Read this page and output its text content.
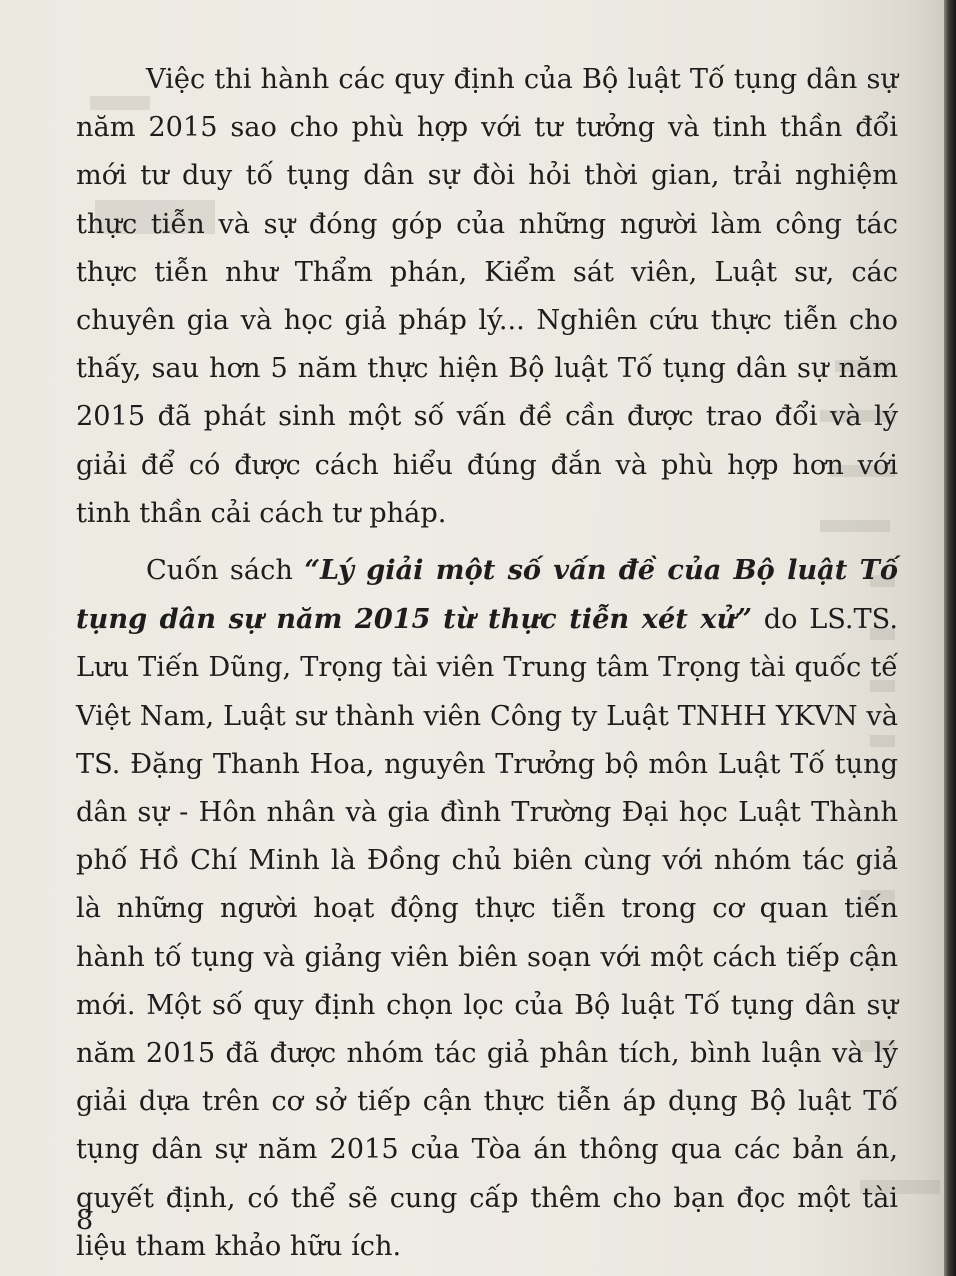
Việc thi hành các quy định của Bộ luật Tố tụng dân sự năm 2015 sao cho phù hợp với tư tưởng và tinh thần đổi mới tư duy tố tụng dân sự đòi hỏi thời gian, trải nghiệm thực tiễn và sự đóng góp của những người làm công tác thực tiễn như Thẩm phán, Kiểm sát viên, Luật sư, các chuyên gia và học giả pháp lý... Nghiên cứu thực tiễn cho thấy, sau hơn 5 năm thực hiện Bộ luật Tố tụng dân sự năm 2015 đã phát sinh một số vấn đề cần được trao đổi và lý giải để có được cách hiểu đúng đắn và phù hợp hơn với tinh thần cải cách tư pháp.

Cuốn sách “Lý giải một số vấn đề của Bộ luật Tố tụng dân sự năm 2015 từ thực tiễn xét xử” do LS.TS. Lưu Tiến Dũng, Trọng tài viên Trung tâm Trọng tài quốc tế Việt Nam, Luật sư thành viên Công ty Luật TNHH YKVN và TS. Đặng Thanh Hoa, nguyên Trưởng bộ môn Luật Tố tụng dân sự - Hôn nhân và gia đình Trường Đại học Luật Thành phố Hồ Chí Minh là Đồng chủ biên cùng với nhóm tác giả là những người hoạt động thực tiễn trong cơ quan tiến hành tố tụng và giảng viên biên soạn với một cách tiếp cận mới. Một số quy định chọn lọc của Bộ luật Tố tụng dân sự năm 2015 đã được nhóm tác giả phân tích, bình luận và lý giải dựa trên cơ sở tiếp cận thực tiễn áp dụng Bộ luật Tố tụng dân sự năm 2015 của Tòa án thông qua các bản án, quyết định, có thể sẽ cung cấp thêm cho bạn đọc một tài liệu tham khảo hữu ích.

8
